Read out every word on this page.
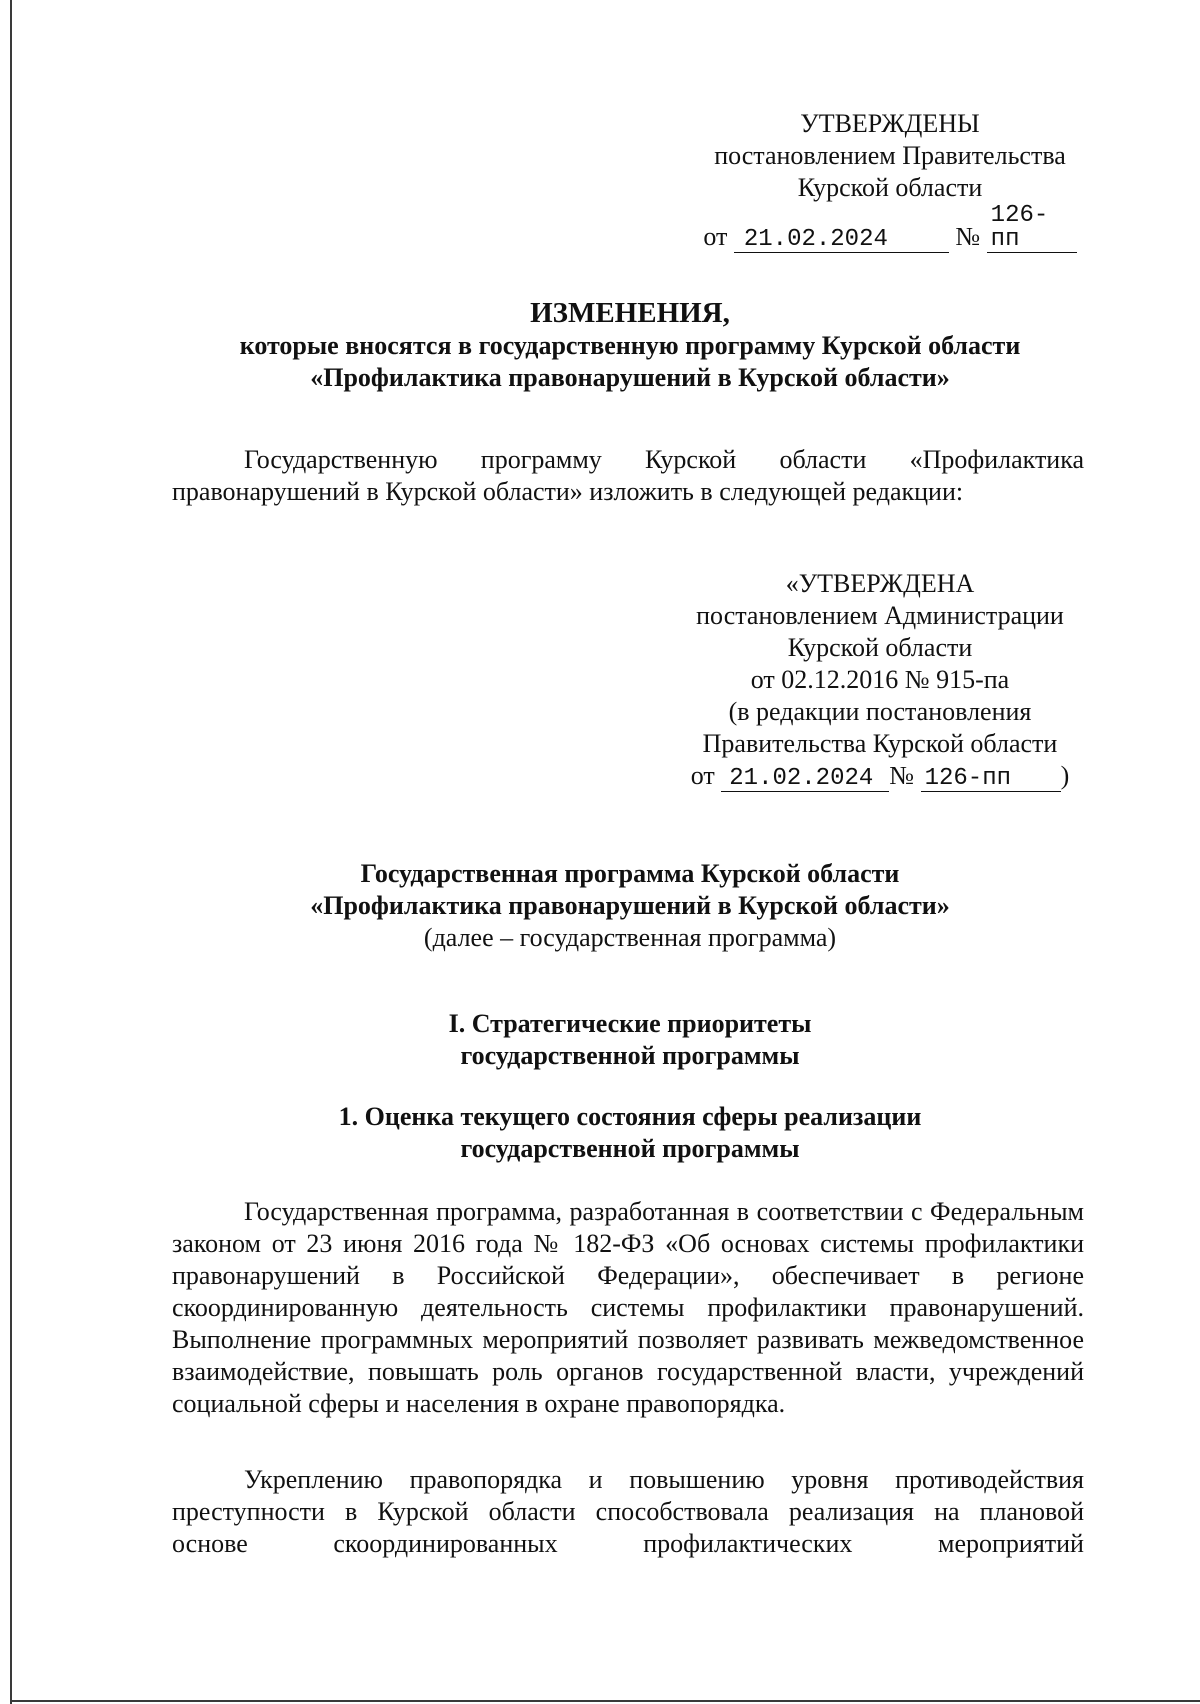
УТВЕРЖДЕНЫ
постановлением Правительства
Курской области
от 21.02.2024	№ 126-пп
ИЗМЕНЕНИЯ,
которые вносятся в государственную программу Курской области
«Профилактика правонарушений в Курской области»

Государственную программу Курской области «Профилактика правонарушений в Курской области» изложить в следующей редакции:

«УТВЕРЖДЕНА
постановлением Администрации
Курской области
от 02.12.2016 № 915-па
(в редакции постановления
Правительства Курской области
от 21.02.2024 № 126-пп )
Государственная программа Курской области
«Профилактика правонарушений в Курской области»
(далее – государственная программа)
I. Стратегические приоритеты
государственной программы
1. Оценка текущего состояния сферы реализации
государственной программы

Государственная программа, разработанная в соответствии с Федеральным законом от 23 июня 2016 года № 182-ФЗ «Об основах системы профилактики правонарушений в Российской Федерации», обеспечивает в регионе скоординированную деятельность системы профилактики правонарушений. Выполнение программных мероприятий позволяет развивать межведомственное взаимодействие, повышать роль органов государственной власти, учреждений социальной сферы и населения в охране правопорядка.

Укреплению правопорядка и повышению уровня противодействия преступности в Курской области способствовала реализация на плановой
основе	скоординированных	профилактических	мероприятий
